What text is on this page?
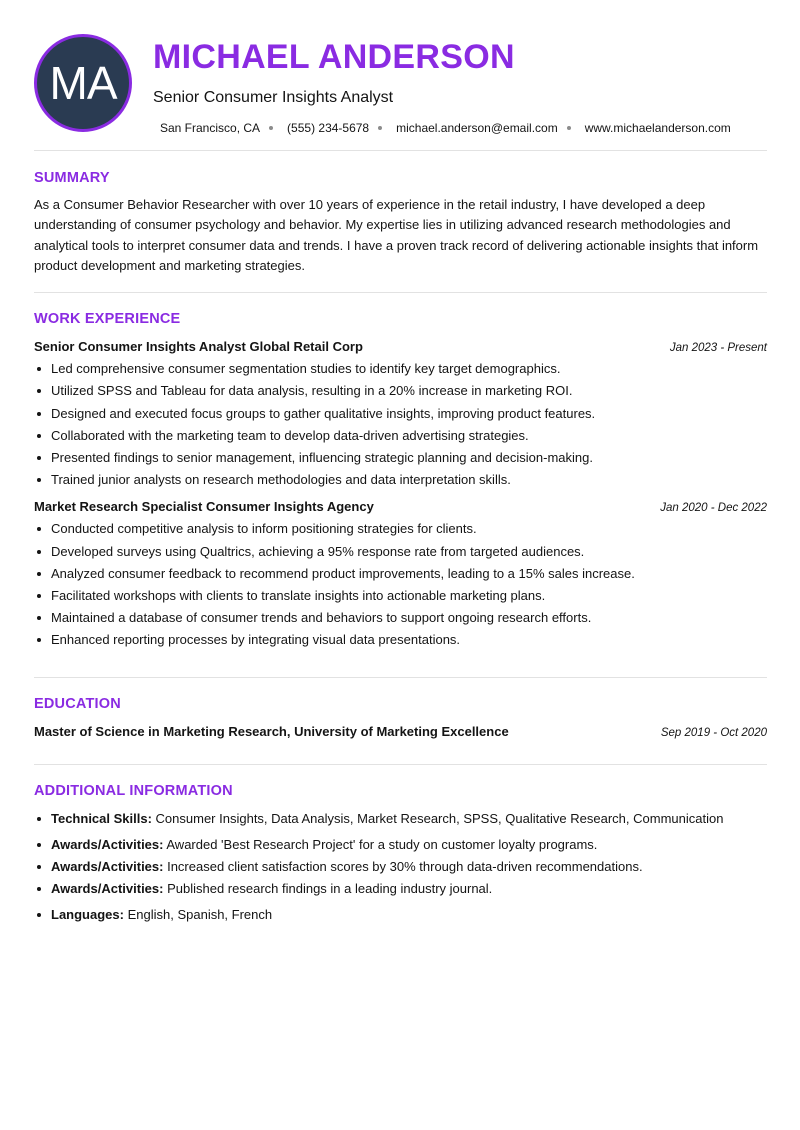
MA MICHAEL ANDERSON
Senior Consumer Insights Analyst
San Francisco, CA (555) 234-5678 michael.anderson@email.com www.michaelanderson.com
SUMMARY

As a Consumer Behavior Researcher with over 10 years of experience in the retail industry, I have developed a deep understanding of consumer psychology and behavior. My expertise lies in utilizing advanced research methodologies and analytical tools to interpret consumer data and trends. I have a proven track record of delivering actionable insights that inform product development and marketing strategies.

WORK EXPERIENCE
Senior Consumer Insights Analyst Global Retail Corp	Jan 2023 - Present
Led comprehensive consumer segmentation studies to identify key target demographics.
Utilized SPSS and Tableau for data analysis, resulting in a 20% increase in marketing ROI.
Designed and executed focus groups to gather qualitative insights, improving product features.
Collaborated with the marketing team to develop data-driven advertising strategies.
Presented findings to senior management, influencing strategic planning and decision-making.
Trained junior analysts on research methodologies and data interpretation skills.
Market Research Specialist Consumer Insights Agency	Jan 2020 - Dec 2022
Conducted competitive analysis to inform positioning strategies for clients.
Developed surveys using Qualtrics, achieving a 95% response rate from targeted audiences.
Analyzed consumer feedback to recommend product improvements, leading to a 15% sales increase.
Facilitated workshops with clients to translate insights into actionable marketing plans.
Maintained a database of consumer trends and behaviors to support ongoing research efforts.
Enhanced reporting processes by integrating visual data presentations.
EDUCATION
Master of Science in Marketing Research, University of Marketing Excellence	Sep 2019 - Oct 2020
ADDITIONAL INFORMATION
Technical Skills: Consumer Insights, Data Analysis, Market Research, SPSS, Qualitative Research, Communication
Awards/Activities: Awarded 'Best Research Project' for a study on customer loyalty programs.
Awards/Activities: Increased client satisfaction scores by 30% through data-driven recommendations.
Awards/Activities: Published research findings in a leading industry journal.
Languages: English, Spanish, French
